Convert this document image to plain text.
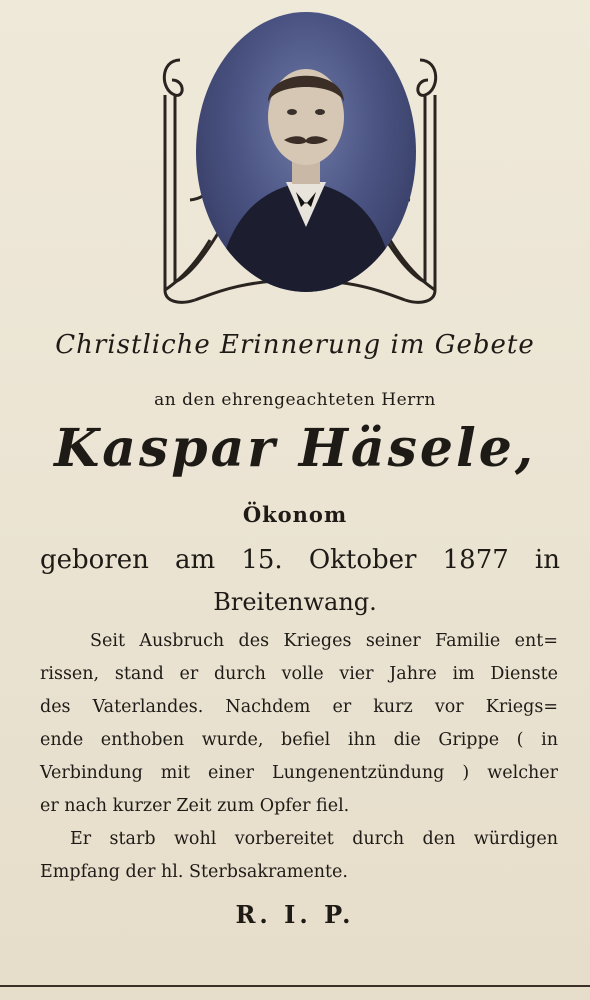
Christliche Erinnerung im Gebete
an den ehrengeachteten Herrn
Kaspar Häsele,
Ökonom
geboren am 15. Oktober 1877 in
Breitenwang.
Seit Ausbruch des Krieges seiner Familie ent=
rissen, stand er durch volle vier Jahre im Dienste
des Vaterlandes. Nachdem er kurz vor Kriegs=
ende enthoben wurde, befiel ihn die Grippe ( in
Verbindung mit einer Lungenentzündung ) welcher
er nach kurzer Zeit zum Opfer fiel.
Er starb wohl vorbereitet durch den würdigen
Empfang der hl. Sterbsakramente.
R. I. P.
